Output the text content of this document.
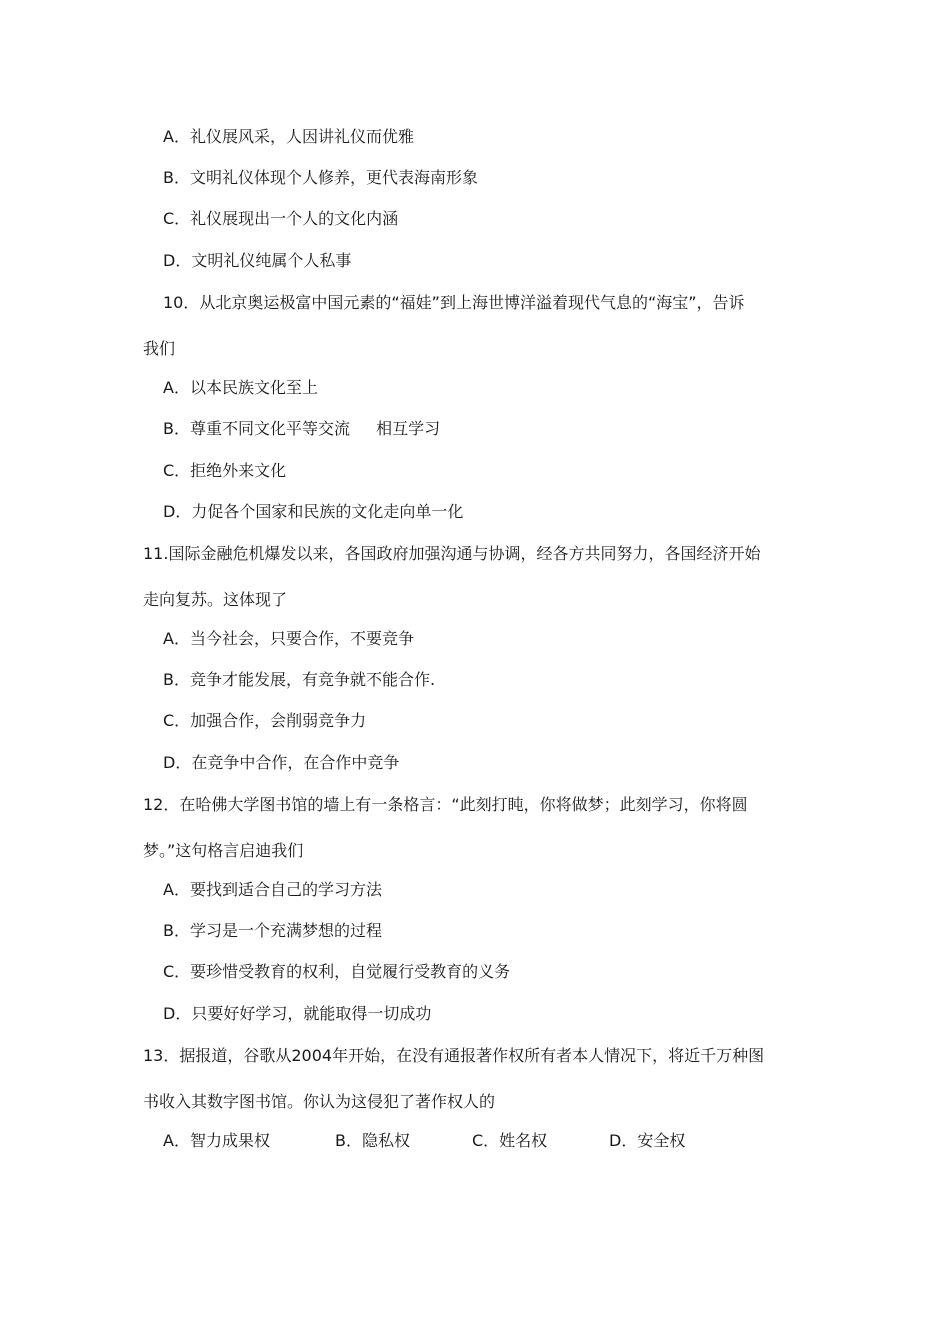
A．礼仪展风采，人因讲礼仪而优雅
B．文明礼仪体现个人修养，更代表海南形象
C．礼仪展现出一个人的文化内涵
D．文明礼仪纯属个人私事
10．从北京奥运极富中国元素的“福娃”到上海世博洋溢着现代气息的“海宝”，告诉
我们
A．以本民族文化至上
B．尊重不同文化平等交流　  相互学习
C．拒绝外来文化
D．力促各个国家和民族的文化走向单一化
11.国际金融危机爆发以来，各国政府加强沟通与协调，经各方共同努力，各国经济开始
走向复苏。这体现了
A．当今社会，只要合作，不要竞争
B．竞争才能发展，有竞争就不能合作.
C．加强合作，会削弱竞争力
D．在竞争中合作，在合作中竞争
12．在哈佛大学图书馆的墙上有一条格言：“此刻打盹，你将做梦；此刻学习，你将圆
梦。”这句格言启迪我们
A．要找到适合自己的学习方法
B．学习是一个充满梦想的过程
C．要珍惜受教育的权利，自觉履行受教育的义务
D．只要好好学习，就能取得一切成功
13．据报道，谷歌从2004年开始，在没有通报著作权所有者本人情况下，将近千万种图
书收入其数字图书馆。你认为这侵犯了著作权人的
A．智力成果权	B．隐私权	C．姓名权	D．安全权
